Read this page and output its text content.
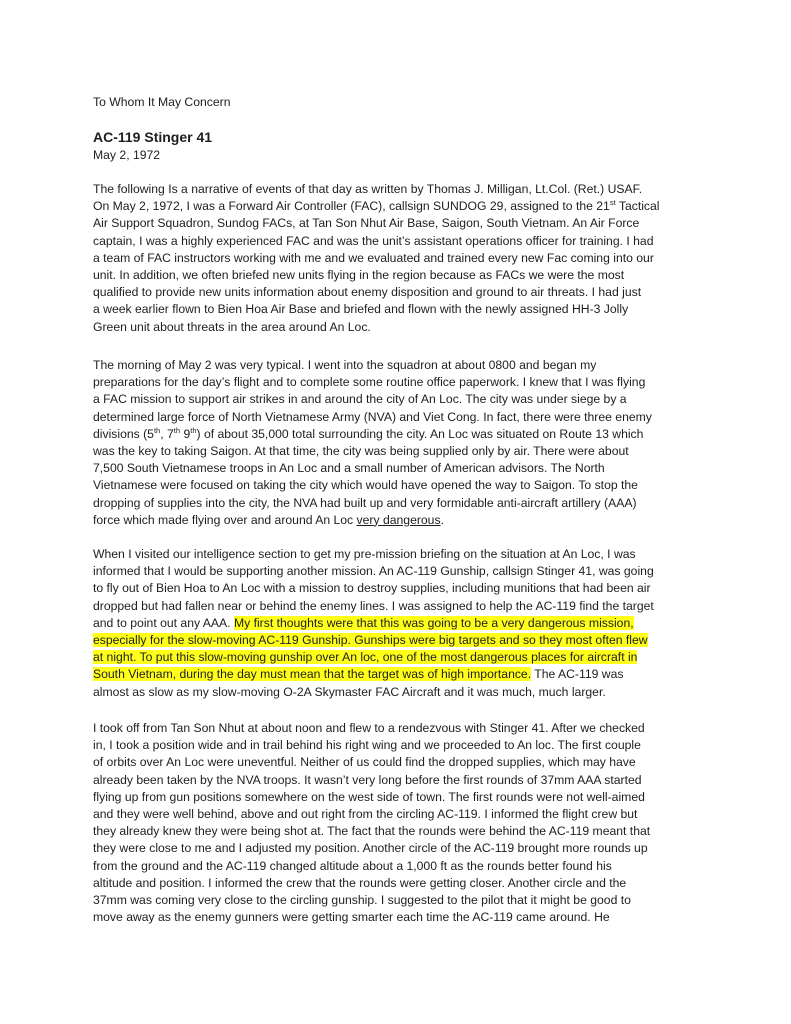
To Whom It May Concern
AC-119 Stinger 41
May 2, 1972
The following Is a narrative of events of that day as written by Thomas J. Milligan, Lt.Col. (Ret.) USAF.
On May 2, 1972, I was a Forward Air Controller (FAC), callsign SUNDOG 29, assigned to the 21st Tactical
Air Support Squadron, Sundog FACs, at Tan Son Nhut Air Base, Saigon, South Vietnam. An Air Force
captain, I was a highly experienced FAC and was the unit’s assistant operations officer for training. I had
a team of FAC instructors working with me and we evaluated and trained every new Fac coming into our
unit. In addition, we often briefed new units flying in the region because as FACs we were the most
qualified to provide new units information about enemy disposition and ground to air threats. I had just
a week earlier flown to Bien Hoa Air Base and briefed and flown with the newly assigned HH-3 Jolly
Green unit about threats in the area around An Loc.
The morning of May 2 was very typical. I went into the squadron at about 0800 and began my
preparations for the day’s flight and to complete some routine office paperwork. I knew that I was flying
a FAC mission to support air strikes in and around the city of An Loc. The city was under siege by a
determined large force of North Vietnamese Army (NVA) and Viet Cong. In fact, there were three enemy
divisions (5th, 7th 9th) of about 35,000 total surrounding the city. An Loc was situated on Route 13 which
was the key to taking Saigon. At that time, the city was being supplied only by air. There were about
7,500 South Vietnamese troops in An Loc and a small number of American advisors. The North
Vietnamese were focused on taking the city which would have opened the way to Saigon. To stop the
dropping of supplies into the city, the NVA had built up and very formidable anti-aircraft artillery (AAA)
force which made flying over and around An Loc very dangerous.
When I visited our intelligence section to get my pre-mission briefing on the situation at An Loc, I was
informed that I would be supporting another mission. An AC-119 Gunship, callsign Stinger 41, was going
to fly out of Bien Hoa to An Loc with a mission to destroy supplies, including munitions that had been air
dropped but had fallen near or behind the enemy lines. I was assigned to help the AC-119 find the target
and to point out any AAA. My first thoughts were that this was going to be a very dangerous mission,
especially for the slow-moving AC-119 Gunship. Gunships were big targets and so they most often flew
at night. To put this slow-moving gunship over An loc, one of the most dangerous places for aircraft in
South Vietnam, during the day must mean that the target was of high importance. The AC-119 was
almost as slow as my slow-moving O-2A Skymaster FAC Aircraft and it was much, much larger.
I took off from Tan Son Nhut at about noon and flew to a rendezvous with Stinger 41. After we checked
in, I took a position wide and in trail behind his right wing and we proceeded to An loc. The first couple
of orbits over An Loc were uneventful. Neither of us could find the dropped supplies, which may have
already been taken by the NVA troops. It wasn’t very long before the first rounds of 37mm AAA started
flying up from gun positions somewhere on the west side of town. The first rounds were not well-aimed
and they were well behind, above and out right from the circling AC-119. I informed the flight crew but
they already knew they were being shot at. The fact that the rounds were behind the AC-119 meant that
they were close to me and I adjusted my position. Another circle of the AC-119 brought more rounds up
from the ground and the AC-119 changed altitude about a 1,000 ft as the rounds better found his
altitude and position. I informed the crew that the rounds were getting closer. Another circle and the
37mm was coming very close to the circling gunship. I suggested to the pilot that it might be good to
move away as the enemy gunners were getting smarter each time the AC-119 came around. He
